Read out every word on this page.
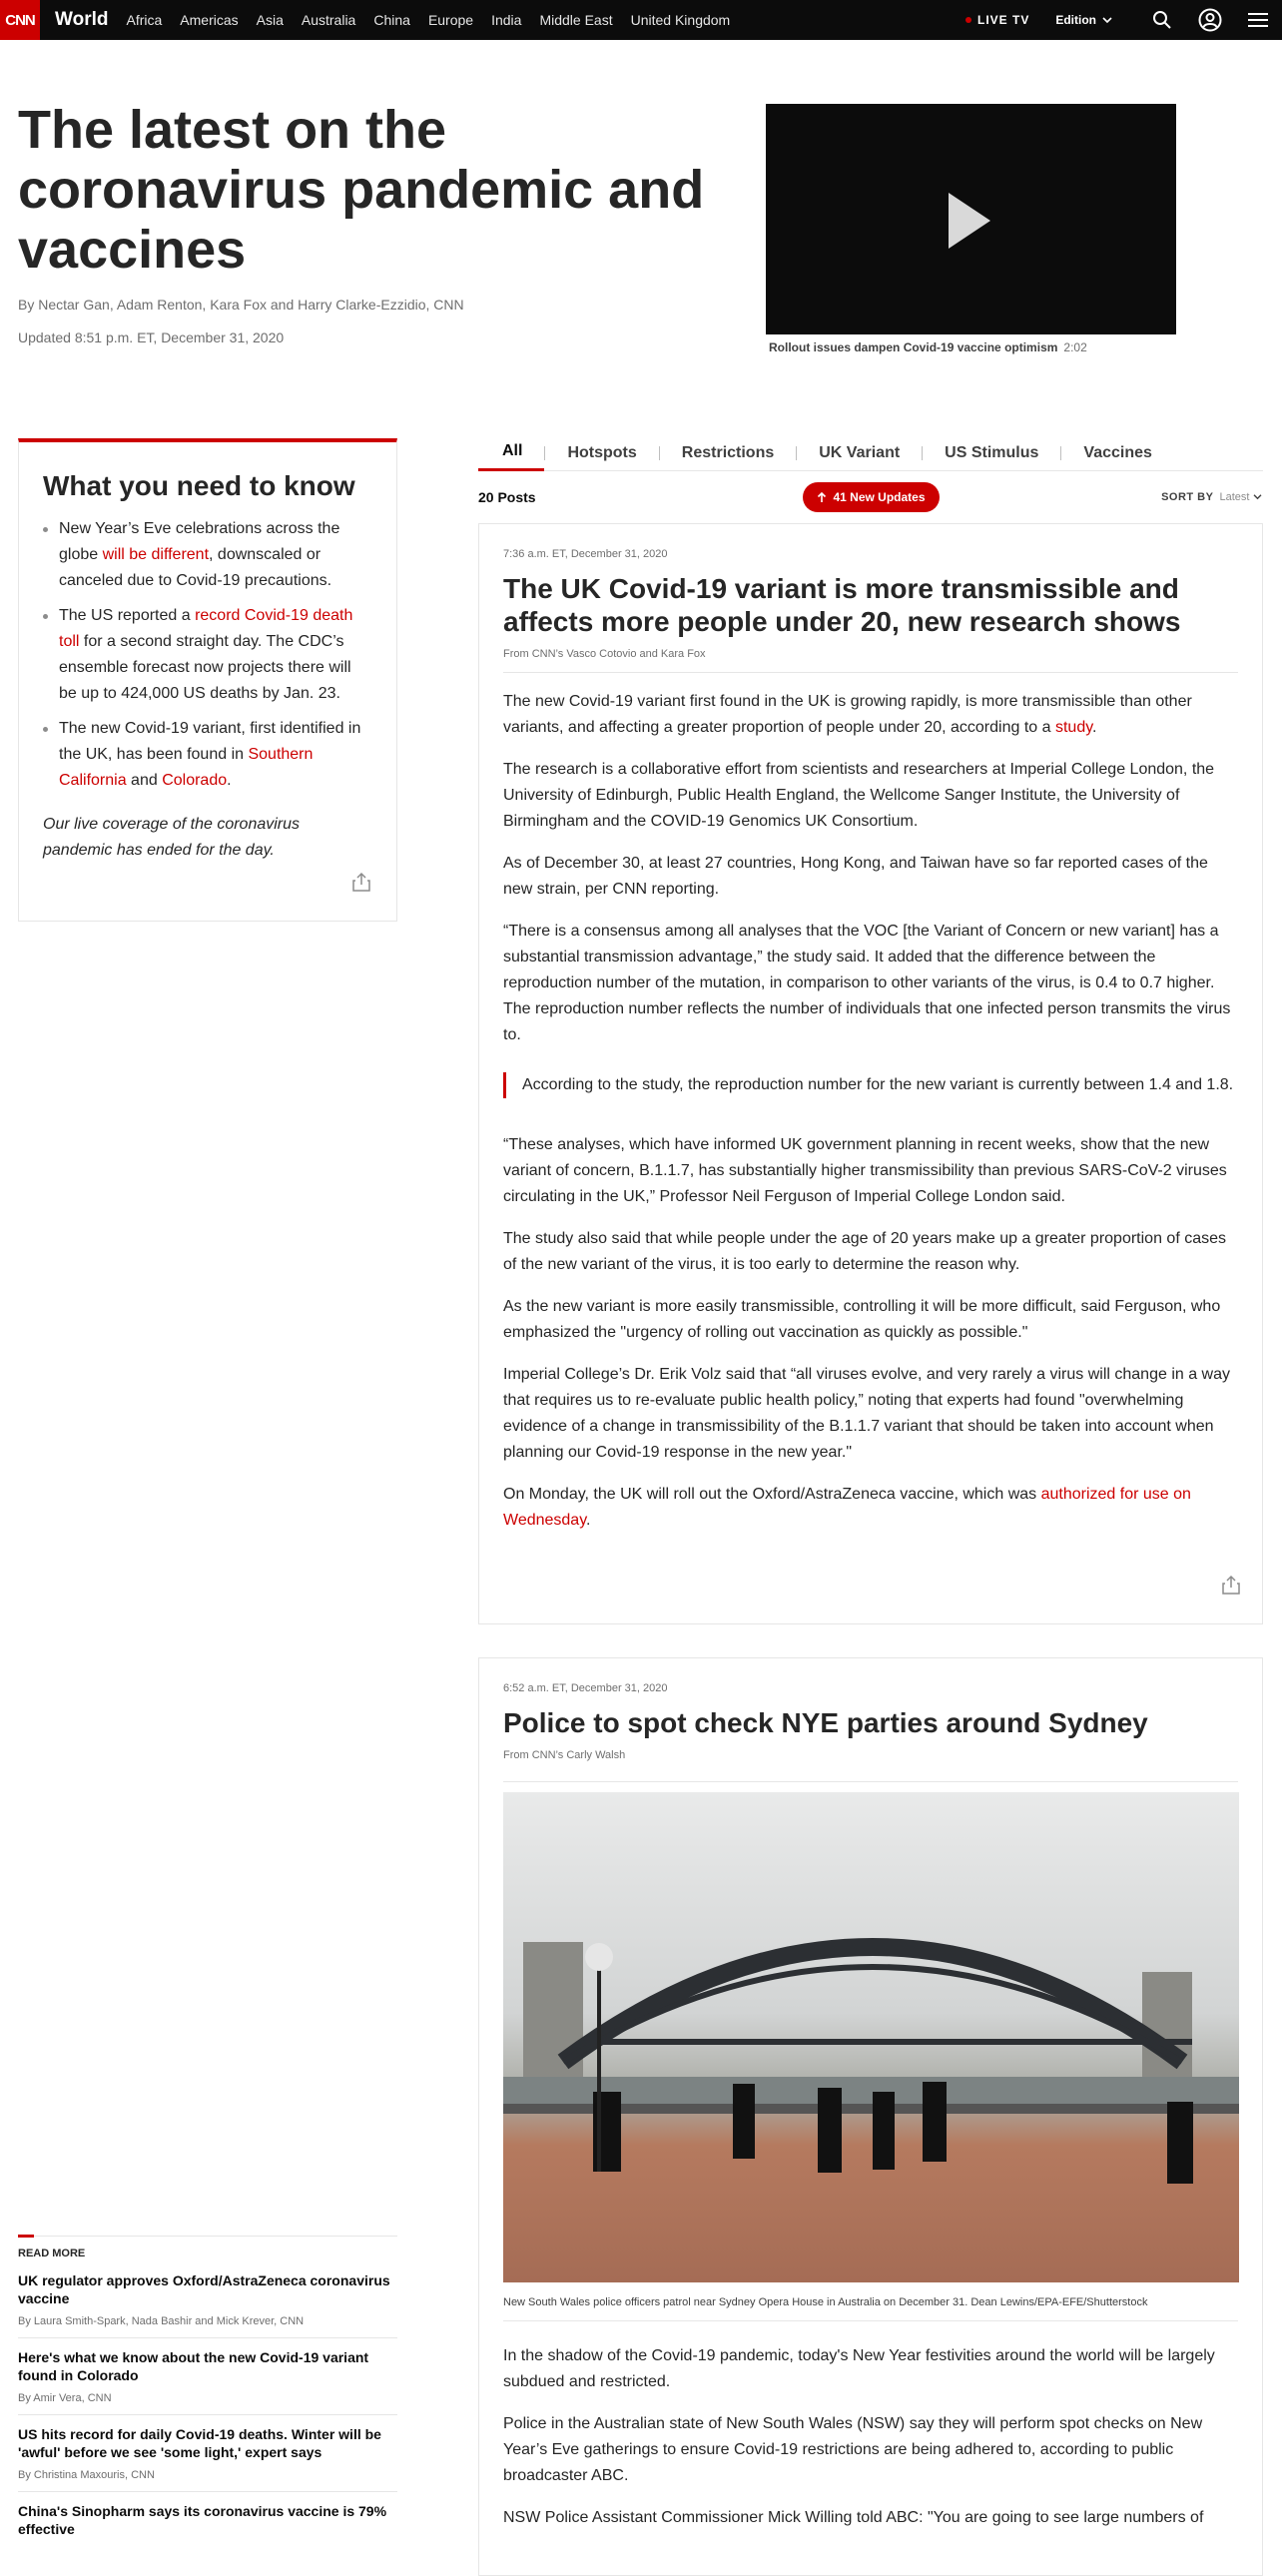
CNN World	Africa	Americas	Asia	Australia	China	Europe	India	Middle East	United Kingdom	LIVE TV Edition
The latest on the coronavirus pandemic and vaccines
By Nectar Gan, Adam Renton, Kara Fox and Harry Clarke-Ezzidio, CNN
Updated 8:51 p.m. ET, December 31, 2020
Rollout issues dampen Covid-19 vaccine optimism 2:02
What you need to know
New Year’s Eve celebrations across the globe will be different, downscaled or canceled due to Covid-19 precautions.
The US reported a record Covid-19 death toll for a second straight day. The CDC’s ensemble forecast now projects there will be up to 424,000 US deaths by Jan. 23.
The new Covid-19 variant, first identified in the UK, has been found in Southern California and Colorado.

Our live coverage of the coronavirus pandemic has ended for the day.

READ MORE
UK regulator approves Oxford/AstraZeneca coronavirus vaccine
By Laura Smith-Spark, Nada Bashir and Mick Krever, CNN
Here's what we know about the new Covid-19 variant found in Colorado
By Amir Vera, CNN
US hits record for daily Covid-19 deaths. Winter will be 'awful' before we see 'some light,' expert says
By Christina Maxouris, CNN
China's Sinopharm says its coronavirus vaccine is 79% effective
All	Hotspots	Restrictions	UK Variant	US Stimulus	Vaccines
20 Posts	41 New Updates	SORT BY Latest
7:36 a.m. ET, December 31, 2020
The UK Covid-19 variant is more transmissible and affects more people under 20, new research shows
From CNN’s Vasco Cotovio and Kara Fox

The new Covid-19 variant first found in the UK is growing rapidly, is more transmissible than other variants, and affecting a greater proportion of people under 20, according to a study.

The research is a collaborative effort from scientists and researchers at Imperial College London, the University of Edinburgh, Public Health England, the Wellcome Sanger Institute, the University of Birmingham and the COVID-19 Genomics UK Consortium.

As of December 30, at least 27 countries, Hong Kong, and Taiwan have so far reported cases of the new strain, per CNN reporting.

“There is a consensus among all analyses that the VOC [the Variant of Concern or new variant] has a substantial transmission advantage,” the study said. It added that the difference between the reproduction number of the mutation, in comparison to other variants of the virus, is 0.4 to 0.7 higher. The reproduction number reflects the number of individuals that one infected person transmits the virus to.

According to the study, the reproduction number for the new variant is currently between 1.4 and 1.8.

“These analyses, which have informed UK government planning in recent weeks, show that the new variant of concern, B.1.1.7, has substantially higher transmissibility than previous SARS-CoV-2 viruses circulating in the UK,” Professor Neil Ferguson of Imperial College London said.

The study also said that while people under the age of 20 years make up a greater proportion of cases of the new variant of the virus, it is too early to determine the reason why.

As the new variant is more easily transmissible, controlling it will be more difficult, said Ferguson, who emphasized the "urgency of rolling out vaccination as quickly as possible."

Imperial College’s Dr. Erik Volz said that “all viruses evolve, and very rarely a virus will change in a way that requires us to re-evaluate public health policy,” noting that experts had found "overwhelming evidence of a change in transmissibility of the B.1.1.7 variant that should be taken into account when planning our Covid-19 response in the new year."

On Monday, the UK will roll out the Oxford/AstraZeneca vaccine, which was authorized for use on Wednesday.

6:52 a.m. ET, December 31, 2020
Police to spot check NYE parties around Sydney
From CNN’s Carly Walsh
New South Wales police officers patrol near Sydney Opera House in Australia on December 31. Dean Lewins/EPA-EFE/Shutterstock

In the shadow of the Covid-19 pandemic, today's New Year festivities around the world will be largely subdued and restricted.

Police in the Australian state of New South Wales (NSW) say they will perform spot checks on New Year’s Eve gatherings to ensure Covid-19 restrictions are being adhered to, according to public broadcaster ABC.

NSW Police Assistant Commissioner Mick Willing told ABC: "You are going to see large numbers of
